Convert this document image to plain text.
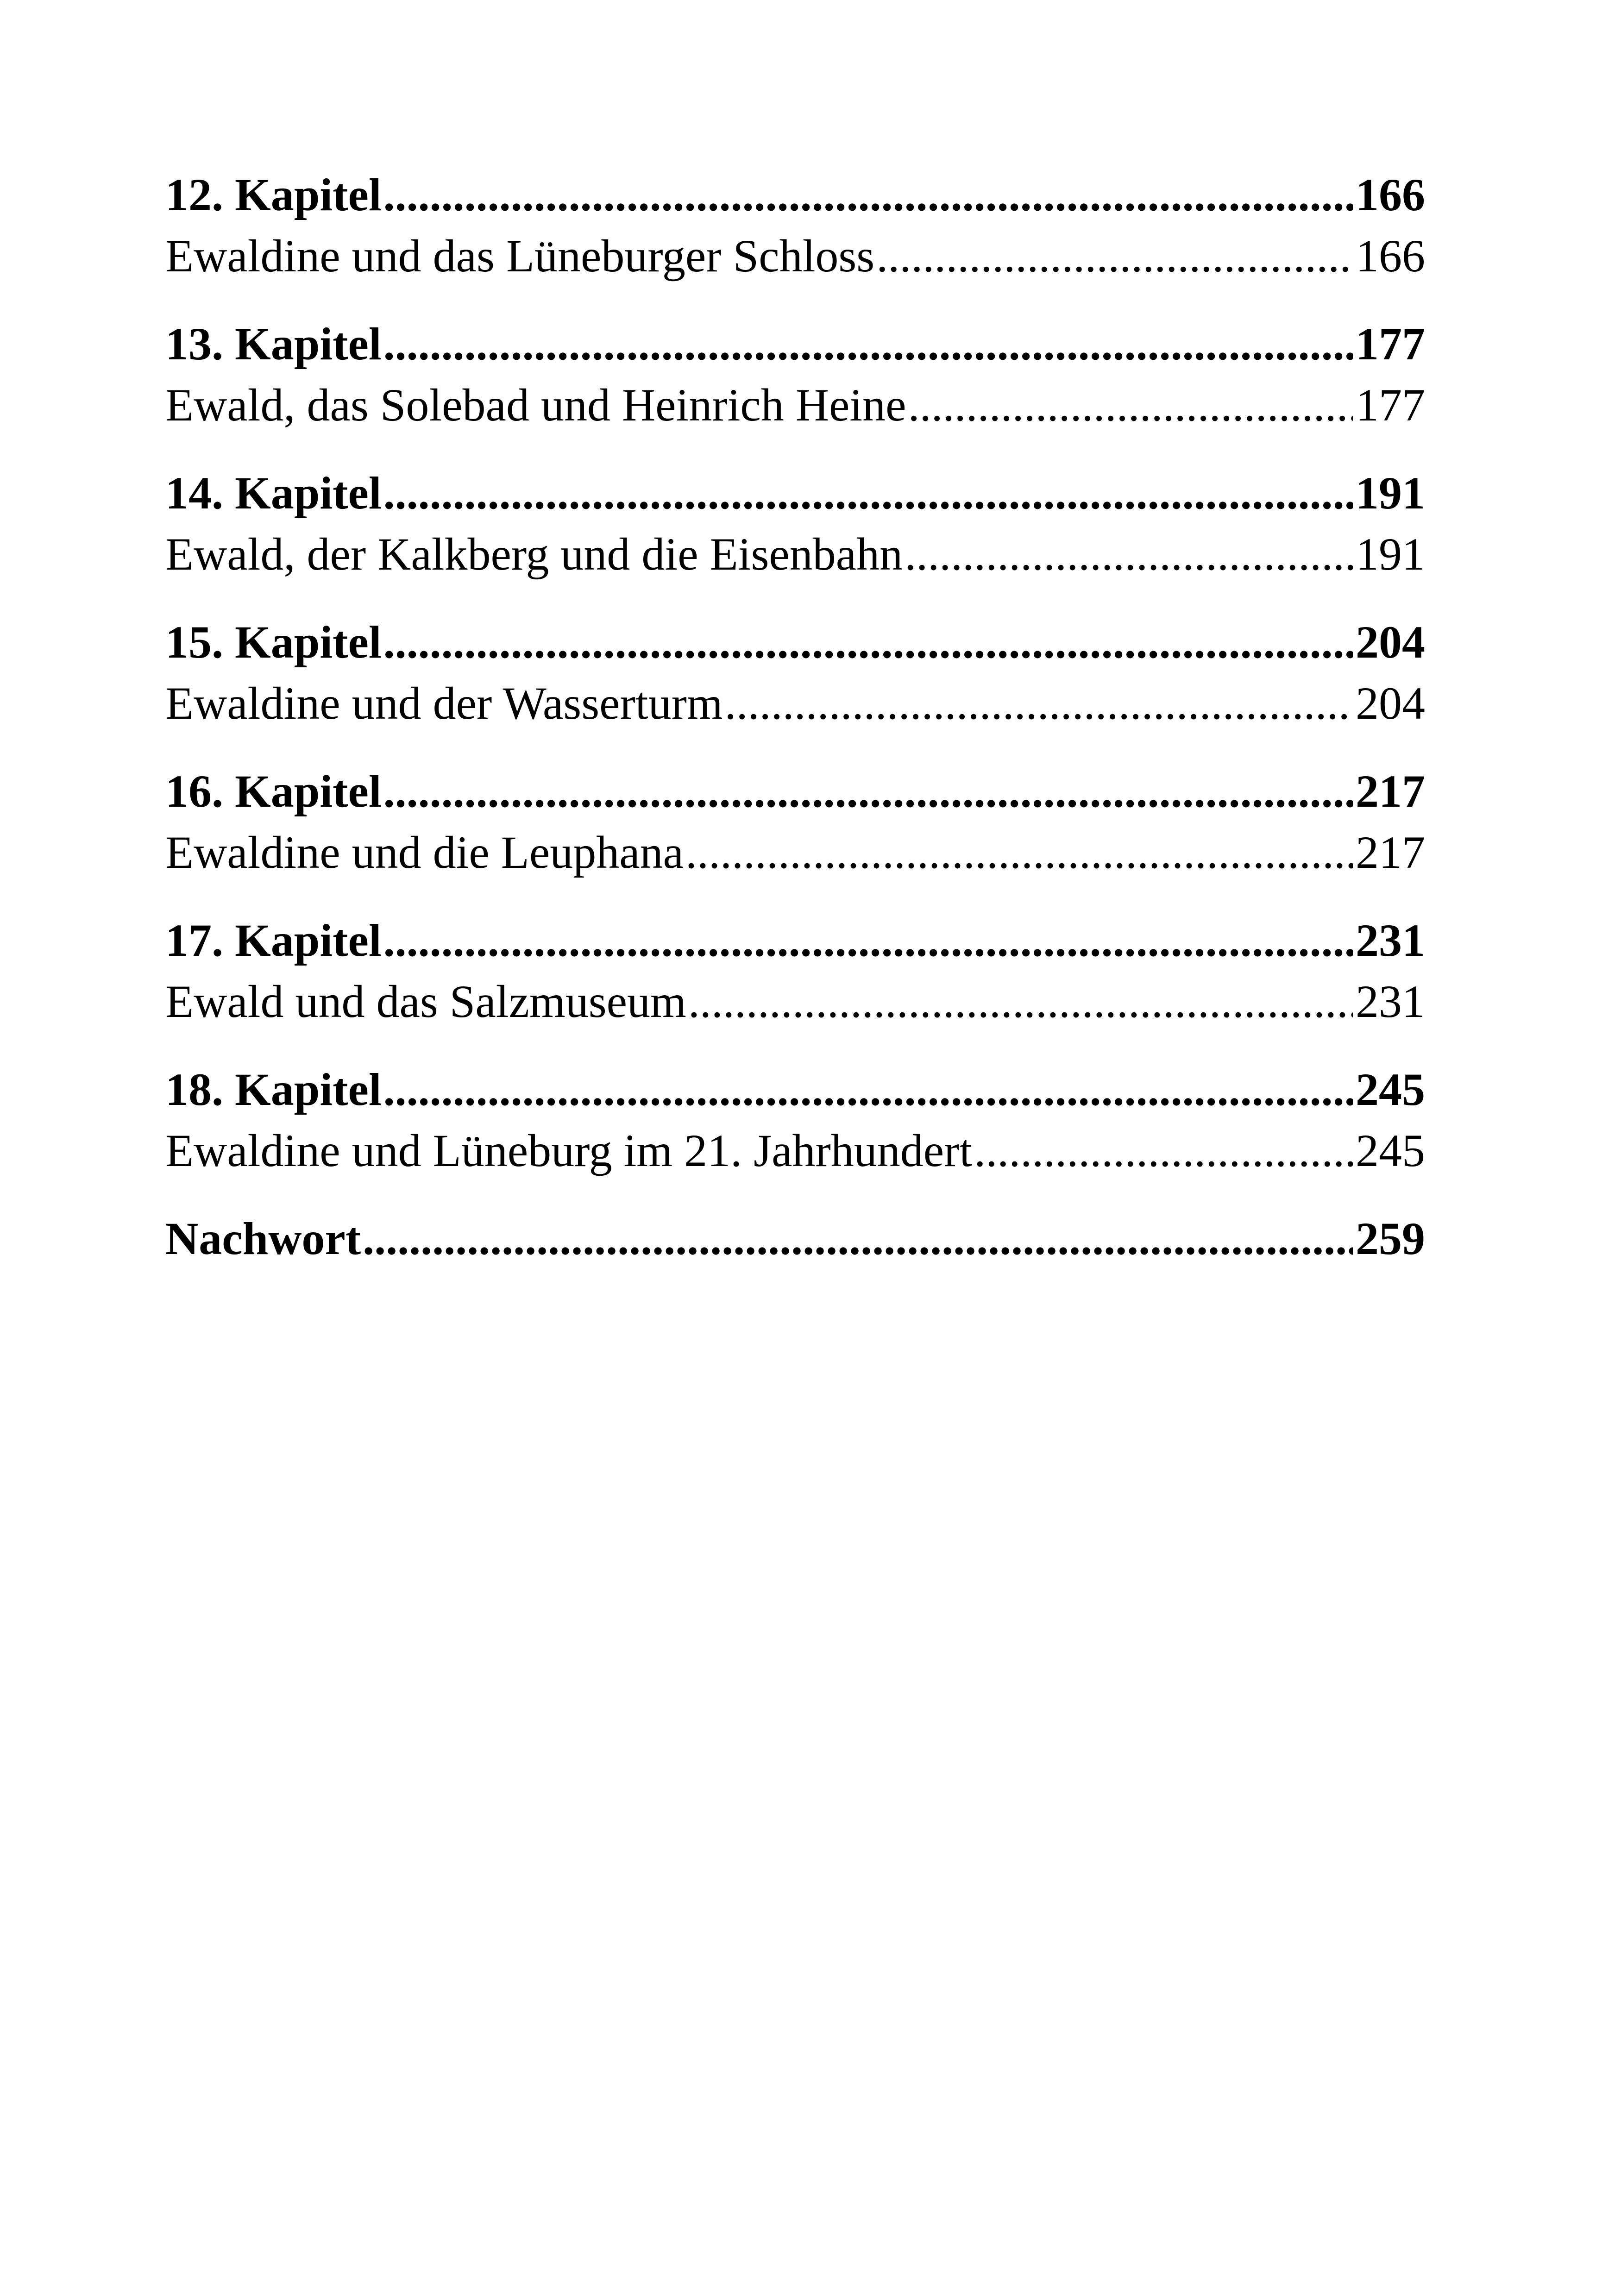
12. Kapitel .....	166
Ewaldine und das Lüneburger Schloss .....	166
13. Kapitel .....	177
Ewald, das Solebad und Heinrich Heine .....	177
14. Kapitel .....	191
Ewald, der Kalkberg und die Eisenbahn .....	191
15. Kapitel .....	204
Ewaldine und der Wasserturm .....	204
16. Kapitel .....	217
Ewaldine und die Leuphana .....	217
17. Kapitel .....	231
Ewald und das Salzmuseum .....	231
18. Kapitel .....	245
Ewaldine und Lüneburg im 21. Jahrhundert .....	245
Nachwort .....	259
